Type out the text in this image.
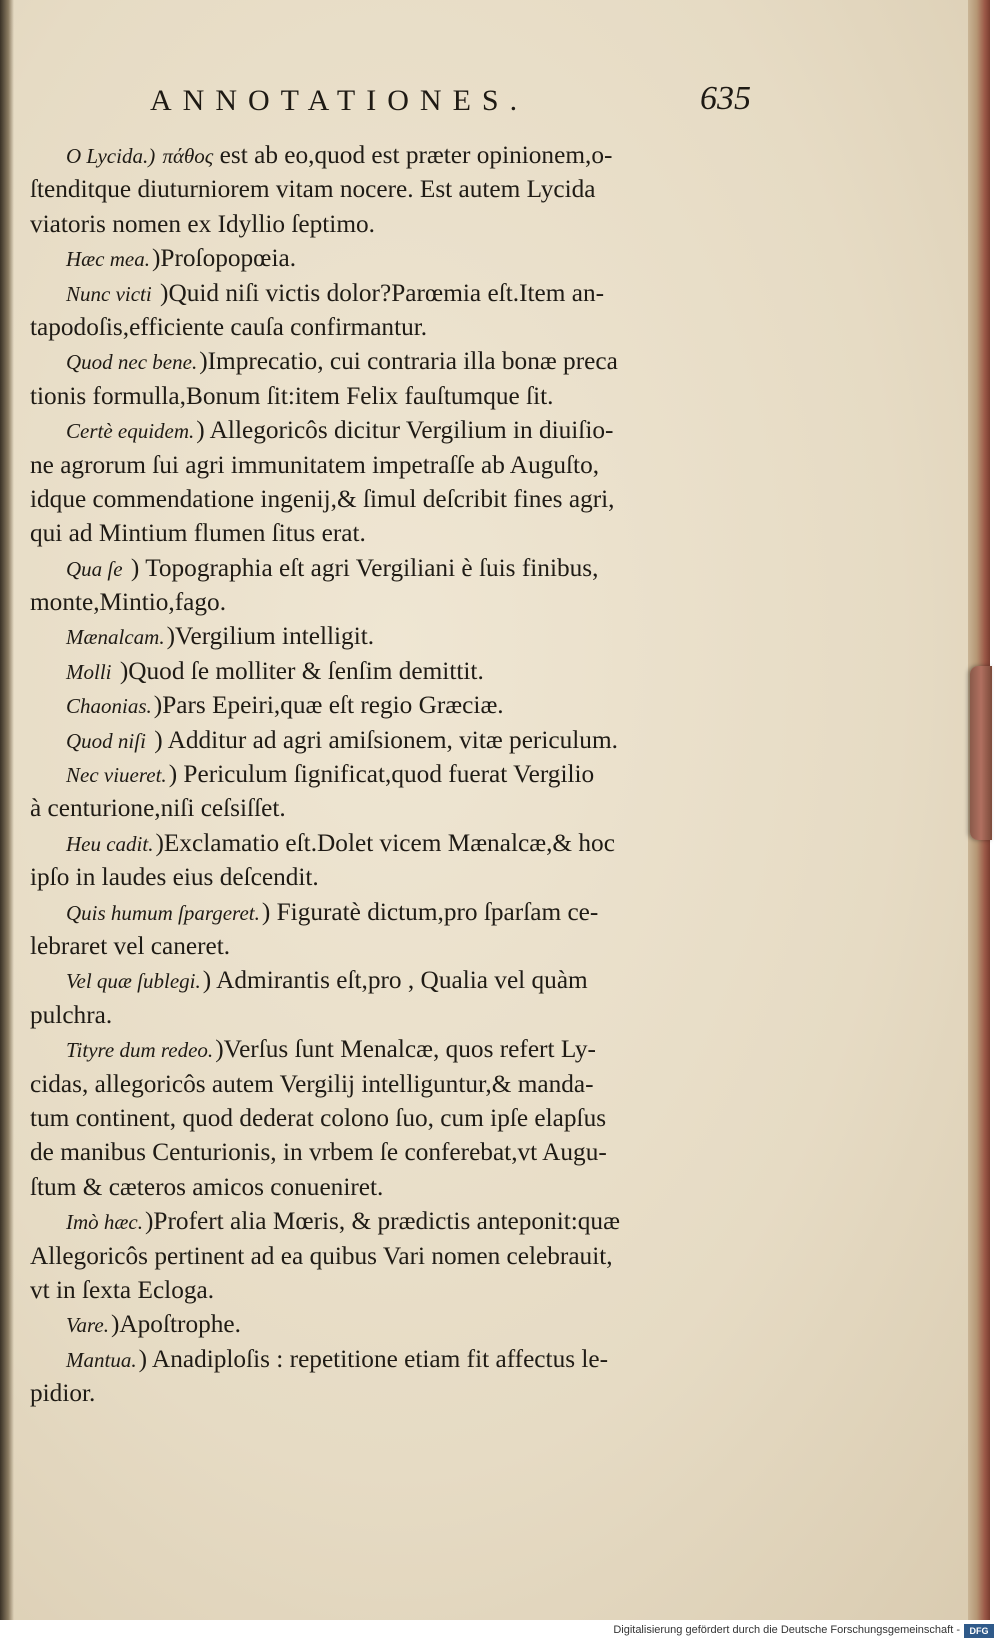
ANNOTATIONES.	635
O Lycida.) πάθος est ab eo,quod est præter opinionem,o-
ſtenditque diuturniorem vitam nocere. Est autem Lycida
viatoris nomen ex Idyllio ſeptimo.
Hæc mea.)Proſopopœia.
Nunc victi )Quid niſi victis dolor?Parœmia eſt.Item an-
tapodoſis,efficiente cauſa confirmantur.
Quod nec bene.)Imprecatio, cui contraria illa bonæ preca
tionis formulla,Bonum ſit:item Felix fauſtumque ſit.
Certè equidem.) Allegoricôs dicitur Vergilium in diuiſio-
ne agrorum ſui agri immunitatem impetraſſe ab Auguſto,
idque commendatione ingenij,& ſimul deſcribit fines agri,
qui ad Mintium flumen ſitus erat.
Qua ſe ) Topographia eſt agri Vergiliani è ſuis finibus,
monte,Mintio,fago.
Mænalcam.)Vergilium intelligit.
Molli )Quod ſe molliter & ſenſim demittit.
Chaonias.)Pars Epeiri,quæ eſt regio Græciæ.
Quod niſi ) Additur ad agri amiſsionem, vitæ periculum.
Nec viueret.) Periculum ſignificat,quod fuerat Vergilio
à centurione,niſi ceſsiſſet.
Heu cadit.)Exclamatio eſt.Dolet vicem Mænalcæ,& hoc
ipſo in laudes eius deſcendit.
Quis humum ſpargeret.) Figuratè dictum,pro ſparſam ce-
lebraret vel caneret.
Vel quæ ſublegi.) Admirantis eſt,pro , Qualia vel quàm
pulchra.
Tityre dum redeo.)Verſus ſunt Menalcæ, quos refert Ly-
cidas, allegoricôs autem Vergilij intelliguntur,& manda-
tum continent, quod dederat colono ſuo, cum ipſe elapſus
de manibus Centurionis, in vrbem ſe conferebat,vt Augu-
ſtum & cæteros amicos conueniret.
Imò hæc.)Profert alia Mœris, & prædictis anteponit:quæ
Allegoricôs pertinent ad ea quibus Vari nomen celebrauit,
vt in ſexta Ecloga.
Vare.)Apoſtrophe.
Mantua.) Anadiploſis : repetitione etiam fit affectus le-
pidior.
Digitalisierung gefördert durch die Deutsche Forschungsgemeinschaft -	DFG
